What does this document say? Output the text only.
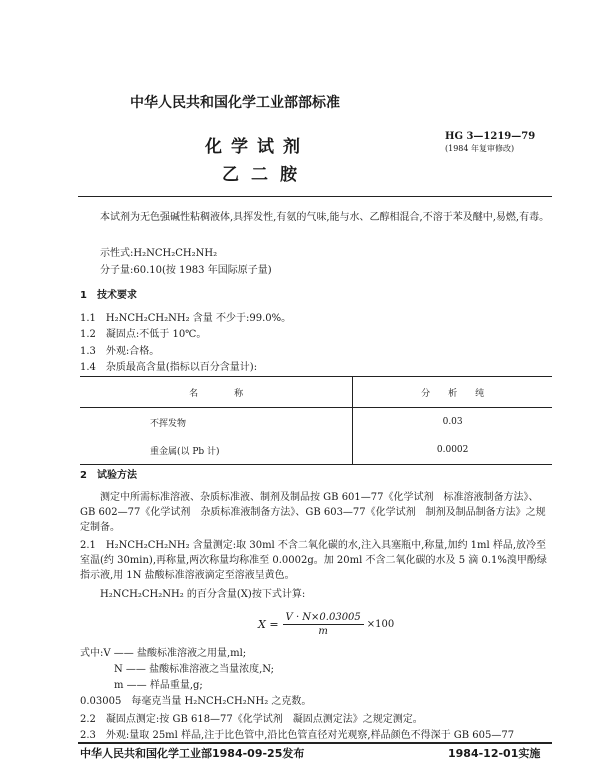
中华人民共和国化学工业部部标准
化学试剂
乙二胺
HG 3—1219—79
(1984 年复审修改)
本试剂为无色强碱性粘稠液体,具挥发性,有氨的气味,能与水、乙醇相混合,不溶于苯及醚中,易燃,有毒。
示性式:H₂NCH₂CH₂NH₂
分子量:60.10(按 1983 年国际原子量)
1　技术要求
1.1　H₂NCH₂CH₂NH₂ 含量 不少于:99.0%。
1.2　凝固点:不低于 10℃。
1.3　外观:合格。
1.4　杂质最高含量(指标以百分含量计):
名　　　　称	分　　析　　纯
不挥发物	0.03
重金属(以 Pb 计)	0.0002
2　试验方法
测定中所需标准溶液、杂质标准液、制剂及制品按 GB 601—77《化学试剂　标准溶液制备方法》、GB 602—77《化学试剂　杂质标准液制备方法》、GB 603—77《化学试剂　制剂及制品制备方法》之规定制备。
2.1　H₂NCH₂CH₂NH₂ 含量测定:取 30ml 不含二氧化碳的水,注入具塞瓶中,称量,加约 1ml 样品,放冷至室温(约 30min),再称量,两次称量均称准至 0.0002g。加 20ml 不含二氧化碳的水及 5 滴 0.1%溴甲酚绿指示液,用 1N 盐酸标准溶液滴定至溶液呈黄色。
H₂NCH₂CH₂NH₂ 的百分含量(X)按下式计算:
$X = \frac{V \cdot N\times 0.03005}{m} \times 100$
式中:V —— 盐酸标准溶液之用量,ml;
N —— 盐酸标准溶液之当量浓度,N;
m —— 样品重量,g;
0.03005　每毫克当量 H₂NCH₂CH₂NH₂ 之克数。
2.2　凝固点测定:按 GB 618—77《化学试剂　凝固点测定法》之规定测定。
2.3　外观:量取 25ml 样品,注于比色管中,沿比色管直径对光观察,样品颜色不得深于 GB 605—77
中华人民共和国化学工业部1984-09-25发布	1984-12-01实施
